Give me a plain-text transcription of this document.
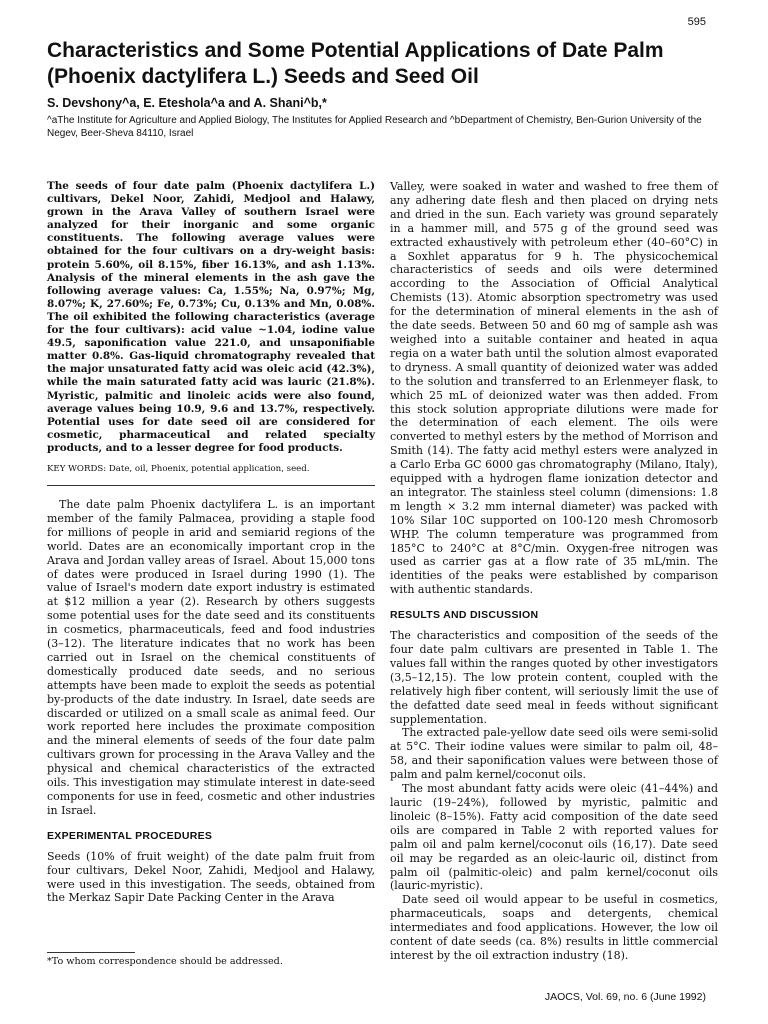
595
Characteristics and Some Potential Applications of Date Palm (Phoenix dactylifera L.) Seeds and Seed Oil
S. Devshony^a, E. Eteshola^a and A. Shani^b,*
^aThe Institute for Agriculture and Applied Biology, The Institutes for Applied Research and ^bDepartment of Chemistry, Ben-Gurion University of the Negev, Beer-Sheva 84110, Israel

The seeds of four date palm (Phoenix dactylifera L.) cultivars, Dekel Noor, Zahidi, Medjool and Halawy, grown in the Arava Valley of southern Israel were analyzed for their inorganic and some organic constituents. The following average values were obtained for the four cultivars on a dry-weight basis: protein 5.60%, oil 8.15%, fiber 16.13%, and ash 1.13%. Analysis of the mineral elements in the ash gave the following average values: Ca, 1.55%; Na, 0.97%; Mg, 8.07%; K, 27.60%; Fe, 0.73%; Cu, 0.13% and Mn, 0.08%. The oil exhibited the following characteristics (average for the four cultivars): acid value ~1.04, iodine value 49.5, saponification value 221.0, and unsaponifiable matter 0.8%. Gas-liquid chromatography revealed that the major unsaturated fatty acid was oleic acid (42.3%), while the main saturated fatty acid was lauric (21.8%). Myristic, palmitic and linoleic acids were also found, average values being 10.9, 9.6 and 13.7%, respectively. Potential uses for date seed oil are considered for cosmetic, pharmaceutical and related specialty products, and to a lesser degree for food products.

KEY WORDS: Date, oil, Phoenix, potential application, seed.

The date palm Phoenix dactylifera L. is an important member of the family Palmacea, providing a staple food for millions of people in arid and semiarid regions of the world. Dates are an economically important crop in the Arava and Jordan valley areas of Israel. About 15,000 tons of dates were produced in Israel during 1990 (1). The value of Israel's modern date export industry is estimated at $12 million a year (2). Research by others suggests some potential uses for the date seed and its constituents in cosmetics, pharmaceuticals, feed and food industries (3–12). The literature indicates that no work has been carried out in Israel on the chemical constituents of domestically produced date seeds, and no serious attempts have been made to exploit the seeds as potential by-products of the date industry. In Israel, date seeds are discarded or utilized on a small scale as animal feed. Our work reported here includes the proximate composition and the mineral elements of seeds of the four date palm cultivars grown for processing in the Arava Valley and the physical and chemical characteristics of the extracted oils. This investigation may stimulate interest in date-seed components for use in feed, cosmetic and other industries in Israel.

EXPERIMENTAL PROCEDURES

Seeds (10% of fruit weight) of the date palm fruit from four cultivars, Dekel Noor, Zahidi, Medjool and Halawy, were used in this investigation. The seeds, obtained from the Merkaz Sapir Date Packing Center in the Arava

Valley, were soaked in water and washed to free them of any adhering date flesh and then placed on drying nets and dried in the sun. Each variety was ground separately in a hammer mill, and 575 g of the ground seed was extracted exhaustively with petroleum ether (40–60°C) in a Soxhlet apparatus for 9 h. The physicochemical characteristics of seeds and oils were determined according to the Association of Official Analytical Chemists (13). Atomic absorption spectrometry was used for the determination of mineral elements in the ash of the date seeds. Between 50 and 60 mg of sample ash was weighed into a suitable container and heated in aqua regia on a water bath until the solution almost evaporated to dryness. A small quantity of deionized water was added to the solution and transferred to an Erlenmeyer flask, to which 25 mL of deionized water was then added. From this stock solution appropriate dilutions were made for the determination of each element. The oils were converted to methyl esters by the method of Morrison and Smith (14). The fatty acid methyl esters were analyzed in a Carlo Erba GC 6000 gas chromatography (Milano, Italy), equipped with a hydrogen flame ionization detector and an integrator. The stainless steel column (dimensions: 1.8 m length × 3.2 mm internal diameter) was packed with 10% Silar 10C supported on 100-120 mesh Chromosorb WHP. The column temperature was programmed from 185°C to 240°C at 8°C/min. Oxygen-free nitrogen was used as carrier gas at a flow rate of 35 mL/min. The identities of the peaks were established by comparison with authentic standards.

RESULTS AND DISCUSSION

The characteristics and composition of the seeds of the four date palm cultivars are presented in Table 1. The values fall within the ranges quoted by other investigators (3,5–12,15). The low protein content, coupled with the relatively high fiber content, will seriously limit the use of the defatted date seed meal in feeds without significant supplementation.

The extracted pale-yellow date seed oils were semi-solid at 5°C. Their iodine values were similar to palm oil, 48–58, and their saponification values were between those of palm and palm kernel/coconut oils.

The most abundant fatty acids were oleic (41–44%) and lauric (19–24%), followed by myristic, palmitic and linoleic (8–15%). Fatty acid composition of the date seed oils are compared in Table 2 with reported values for palm oil and palm kernel/coconut oils (16,17). Date seed oil may be regarded as an oleic-lauric oil, distinct from palm oil (palmitic-oleic) and palm kernel/coconut oils (lauric-myristic).

Date seed oil would appear to be useful in cosmetics, pharmaceuticals, soaps and detergents, chemical intermediates and food applications. However, the low oil content of date seeds (ca. 8%) results in little commercial interest by the oil extraction industry (18).

*To whom correspondence should be addressed.
JAOCS, Vol. 69, no. 6 (June 1992)
